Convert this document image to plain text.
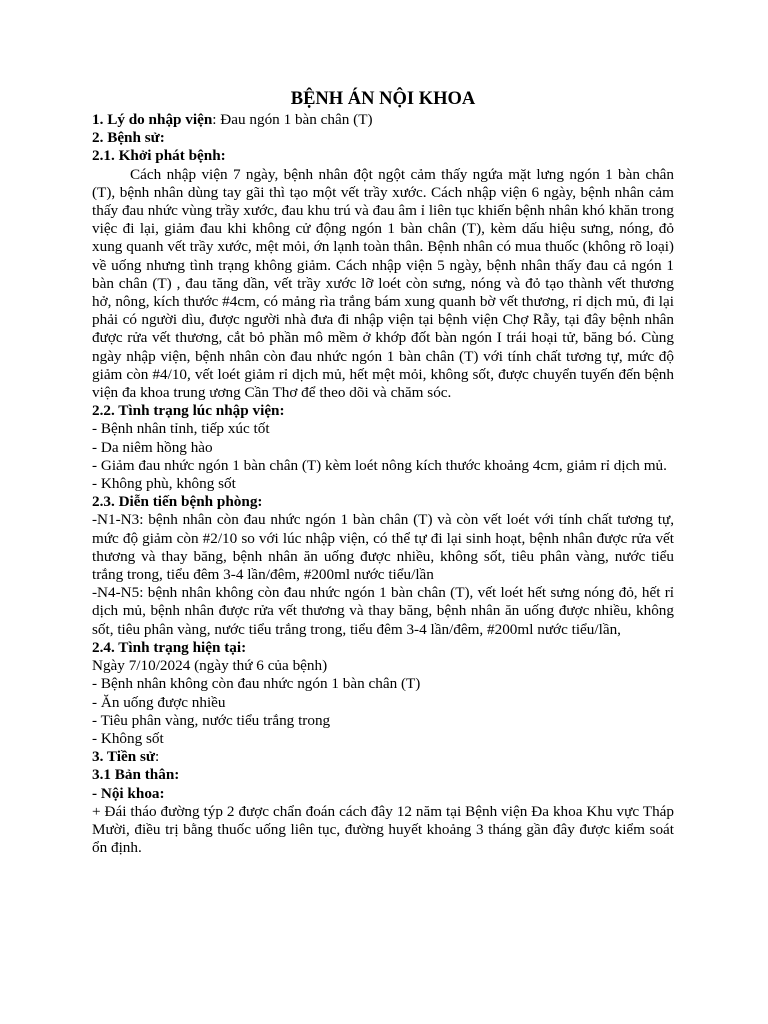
BỆNH ÁN NỘI KHOA

1. Lý do nhập viện: Đau ngón 1 bàn chân (T)

2. Bệnh sử:

2.1. Khởi phát bệnh:

Cách nhập viện 7 ngày, bệnh nhân đột ngột cảm thấy ngứa mặt lưng ngón 1 bàn chân (T), bệnh nhân dùng tay gãi thì tạo một vết trầy xước. Cách nhập viện 6 ngày, bệnh nhân cảm thấy đau nhức vùng trầy xước, đau khu trú và đau âm ỉ liên tục khiến bệnh nhân khó khăn trong việc đi lại, giảm đau khi không cử động ngón 1 bàn chân (T), kèm dấu hiệu sưng, nóng, đỏ xung quanh vết trầy xước, mệt mỏi, ớn lạnh toàn thân. Bệnh nhân có mua thuốc (không rõ loại) về uống nhưng tình trạng không giảm. Cách nhập viện 5 ngày, bệnh nhân thấy đau cả ngón 1 bàn chân (T) , đau tăng dần, vết trầy xước lỡ loét còn sưng, nóng và đỏ tạo thành vết thương hở, nông, kích thước #4cm, có mảng rìa trắng bám xung quanh bờ vết thương, rỉ dịch mủ, đi lại phải có người dìu, được người nhà đưa đi nhập viện tại bệnh viện Chợ Rẫy, tại đây bệnh nhân được rửa vết thương, cắt bỏ phần mô mềm ở khớp đốt bàn ngón I trái hoại tử, băng bó. Cùng ngày nhập viện, bệnh nhân còn đau nhức ngón 1 bàn chân (T) với tính chất tương tự, mức độ giảm còn #4/10, vết loét giảm rỉ dịch mủ, hết mệt mỏi, không sốt, được chuyển tuyến đến bệnh viện đa khoa trung ương Cần Thơ để theo dõi và chăm sóc.

2.2. Tình trạng lúc nhập viện:

- Bệnh nhân tỉnh, tiếp xúc tốt

- Da niêm hồng hào

- Giảm đau nhức ngón 1 bàn chân (T) kèm loét nông kích thước khoảng 4cm, giảm rỉ dịch mủ.

- Không phù, không sốt

2.3. Diễn tiến bệnh phòng:

-N1-N3: bệnh nhân còn đau nhức ngón 1 bàn chân (T) và còn vết loét với tính chất tương tự, mức độ giảm còn #2/10 so với lúc nhập viện, có thể tự đi lại sinh hoạt, bệnh nhân được rửa vết thương và thay băng, bệnh nhân ăn uống được nhiều, không sốt, tiêu phân vàng, nước tiểu trắng trong, tiểu đêm 3-4 lần/đêm, #200ml nước tiểu/lần

-N4-N5: bệnh nhân không còn đau nhức ngón 1 bàn chân (T), vết loét hết sưng nóng đỏ, hết rỉ dịch mủ, bệnh nhân được rửa vết thương và thay băng, bệnh nhân ăn uống được nhiều, không sốt, tiêu phân vàng, nước tiểu trắng trong, tiểu đêm 3-4 lần/đêm, #200ml nước tiểu/lần,

2.4. Tình trạng hiện tại:

Ngày 7/10/2024 (ngày thứ 6 của bệnh)

- Bệnh nhân không còn đau nhức ngón 1 bàn chân (T)

- Ăn uống được nhiều

- Tiêu phân vàng, nước tiểu trắng trong

- Không sốt

3. Tiền sử:

3.1 Bản thân:

- Nội khoa:

+ Đái tháo đường týp 2 được chẩn đoán cách đây 12 năm tại Bệnh viện Đa khoa Khu vực Tháp Mười, điều trị bằng thuốc uống liên tục, đường huyết khoảng 3 tháng gần đây được kiểm soát ổn định.
